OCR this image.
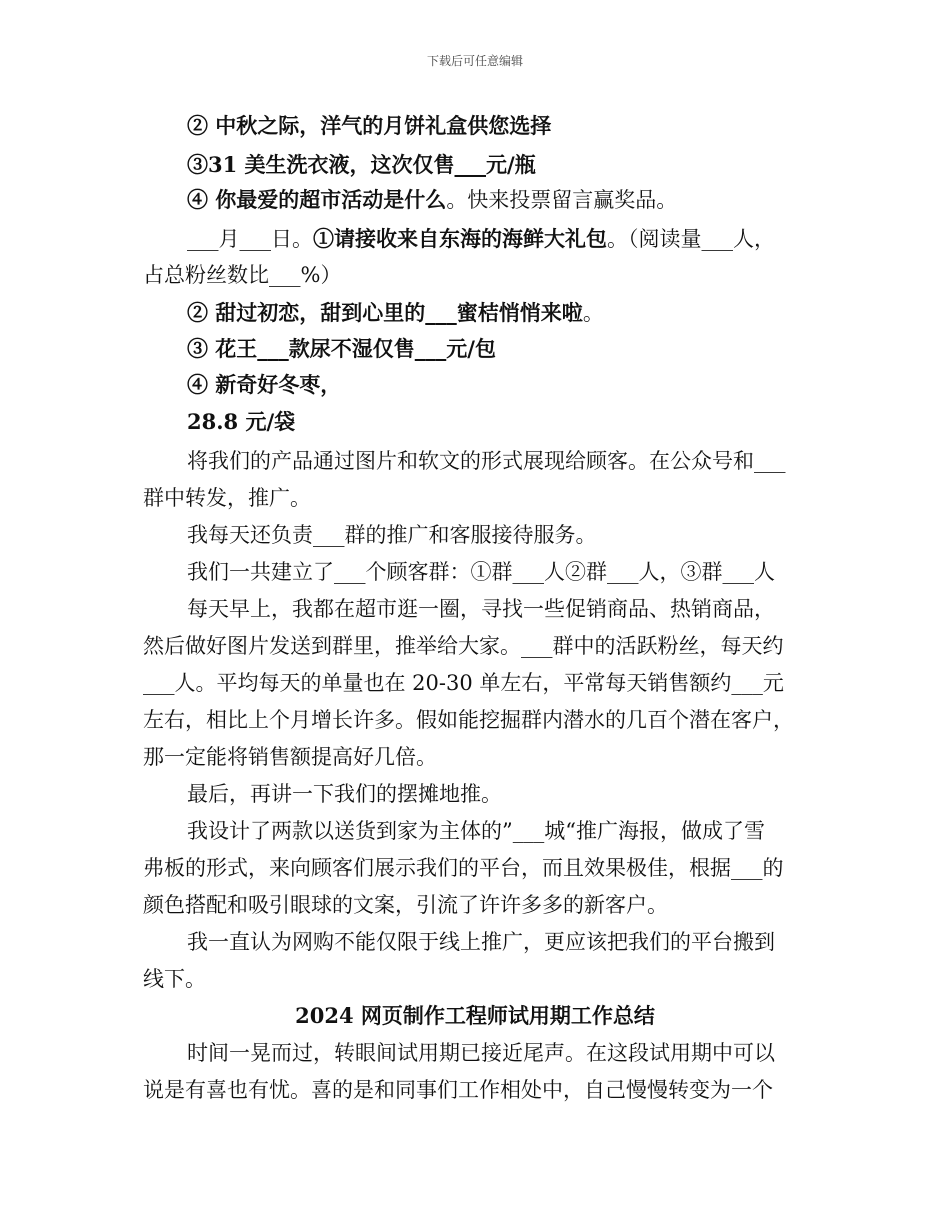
下载后可任意编辑
② 中秋之际，洋气的月饼礼盒供您选择
③31 美生洗衣液，这次仅售___元/瓶
④ 你最爱的超市活动是什么。快来投票留言赢奖品。
___月___日。①请接收来自东海的海鲜大礼包。（阅读量___人，
占总粉丝数比___%）
② 甜过初恋，甜到心里的___蜜桔悄悄来啦。
③ 花王___款尿不湿仅售___元/包
④ 新奇好冬枣，
28.8 元/袋
将我们的产品通过图片和软文的形式展现给顾客。在公众号和___
群中转发，推广。
我每天还负责___群的推广和客服接待服务。
我们一共建立了___个顾客群：①群___人②群___人，③群___人
每天早上，我都在超市逛一圈，寻找一些促销商品、热销商品，
然后做好图片发送到群里，推举给大家。___群中的活跃粉丝，每天约
___人。平均每天的单量也在 20-30 单左右，平常每天销售额约___元
左右，相比上个月增长许多。假如能挖掘群内潜水的几百个潜在客户，
那一定能将销售额提高好几倍。
最后，再讲一下我们的摆摊地推。
我设计了两款以送货到家为主体的”___城“推广海报，做成了雪
弗板的形式，来向顾客们展示我们的平台，而且效果极佳，根据___的
颜色搭配和吸引眼球的文案，引流了许许多多的新客户。
我一直认为网购不能仅限于线上推广，更应该把我们的平台搬到
线下。
2024 网页制作工程师试用期工作总结
时间一晃而过，转眼间试用期已接近尾声。在这段试用期中可以
说是有喜也有忧。喜的是和同事们工作相处中，自己慢慢转变为一个
